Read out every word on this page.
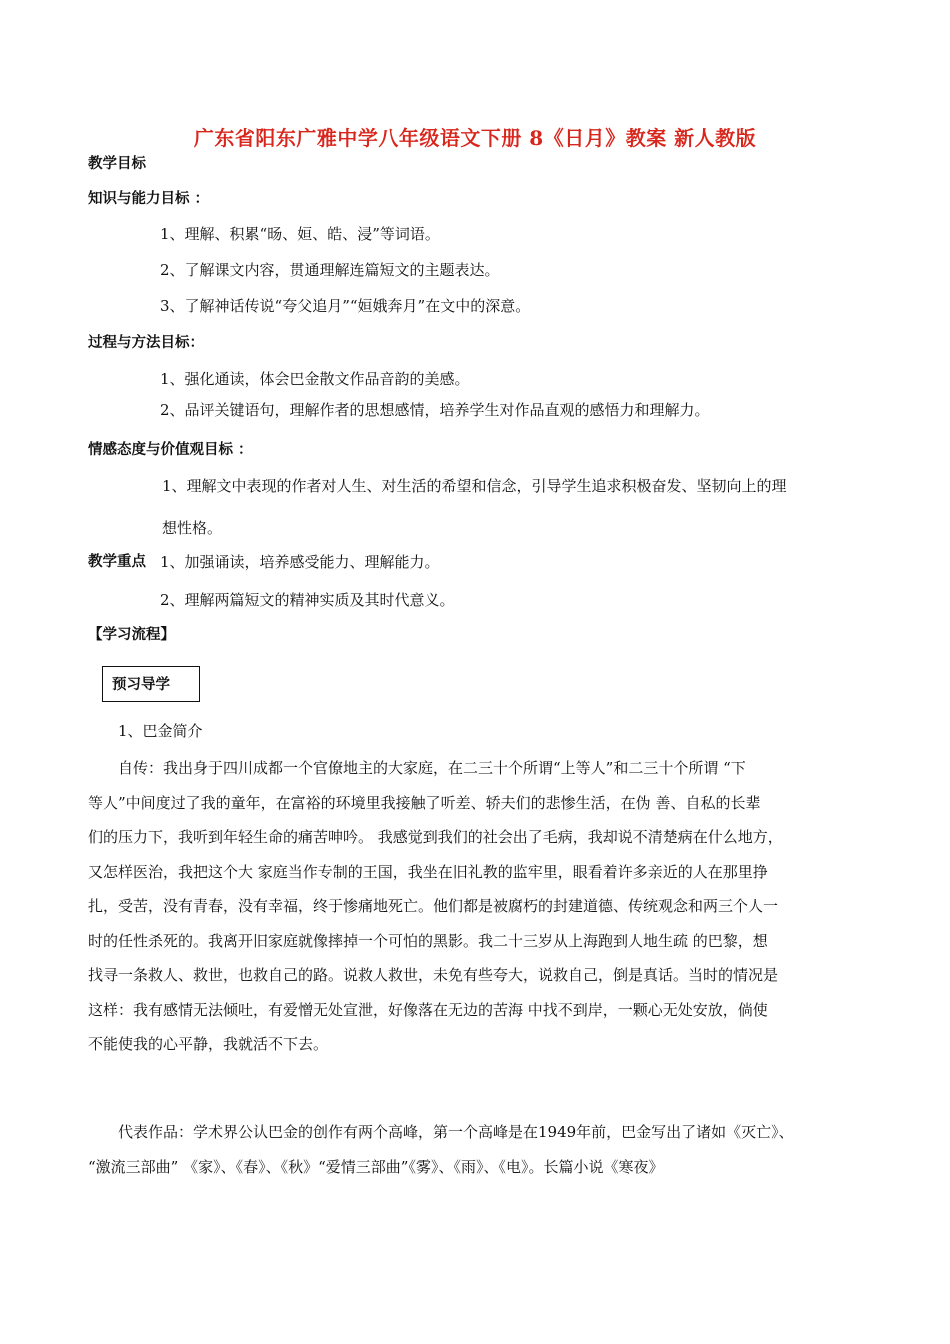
广东省阳东广雅中学八年级语文下册 8《日月》教案 新人教版
教学目标
知识与能力目标 ：
1、理解、积累“旸、姮、皓、浸”等词语。
2、了解课文内容，贯通理解连篇短文的主题表达。
3、了解神话传说“夸父追月”“姮娥奔月”在文中的深意。
过程与方法目标：
1、强化通读，体会巴金散文作品音韵的美感。
2、品评关键语句，理解作者的思想感情，培养学生对作品直观的感悟力和理解力。
情感态度与价值观目标 ：
1、理解文中表现的作者对人生、对生活的希望和信念，引导学生追求积极奋发、坚韧向上的理
想性格。
教学重点 1、加强诵读，培养感受能力、理解能力。
2、理解两篇短文的精神实质及其时代意义。
【学习流程】
预习导学
1、巴金简介
自传：我出身于四川成都一个官僚地主的大家庭，在二三十个所谓“上等人”和二三十个所谓 “下
等人”中间度过了我的童年，在富裕的环境里我接触了听差、轿夫们的悲惨生活，在伪 善、自私的长辈
们的压力下，我听到年轻生命的痛苦呻吟。 我感觉到我们的社会出了毛病，我却说不清楚病在什么地方，
又怎样医治，我把这个大 家庭当作专制的王国，我坐在旧礼教的监牢里，眼看着许多亲近的人在那里挣
扎，受苦，没有青春，没有幸福，终于惨痛地死亡。他们都是被腐朽的封建道德、传统观念和两三个人一
时的任性杀死的。我离开旧家庭就像摔掉一个可怕的黑影。我二十三岁从上海跑到人地生疏 的巴黎，想
找寻一条救人、救世，也救自己的路。说救人救世，未免有些夸大，说救自己，倒是真话。当时的情况是
这样：我有感情无法倾吐，有爱憎无处宣泄，好像落在无边的苦海 中找不到岸，一颗心无处安放，倘使
不能使我的心平静，我就活不下去。
代表作品：学术界公认巴金的创作有两个高峰，第一个高峰是在1949年前，巴金写出了诸如《灭亡》、
“激流三部曲” 《家》、《春》、《秋》“爱情三部曲”《雾》、《雨》、《电》。长篇小说《寒夜》
